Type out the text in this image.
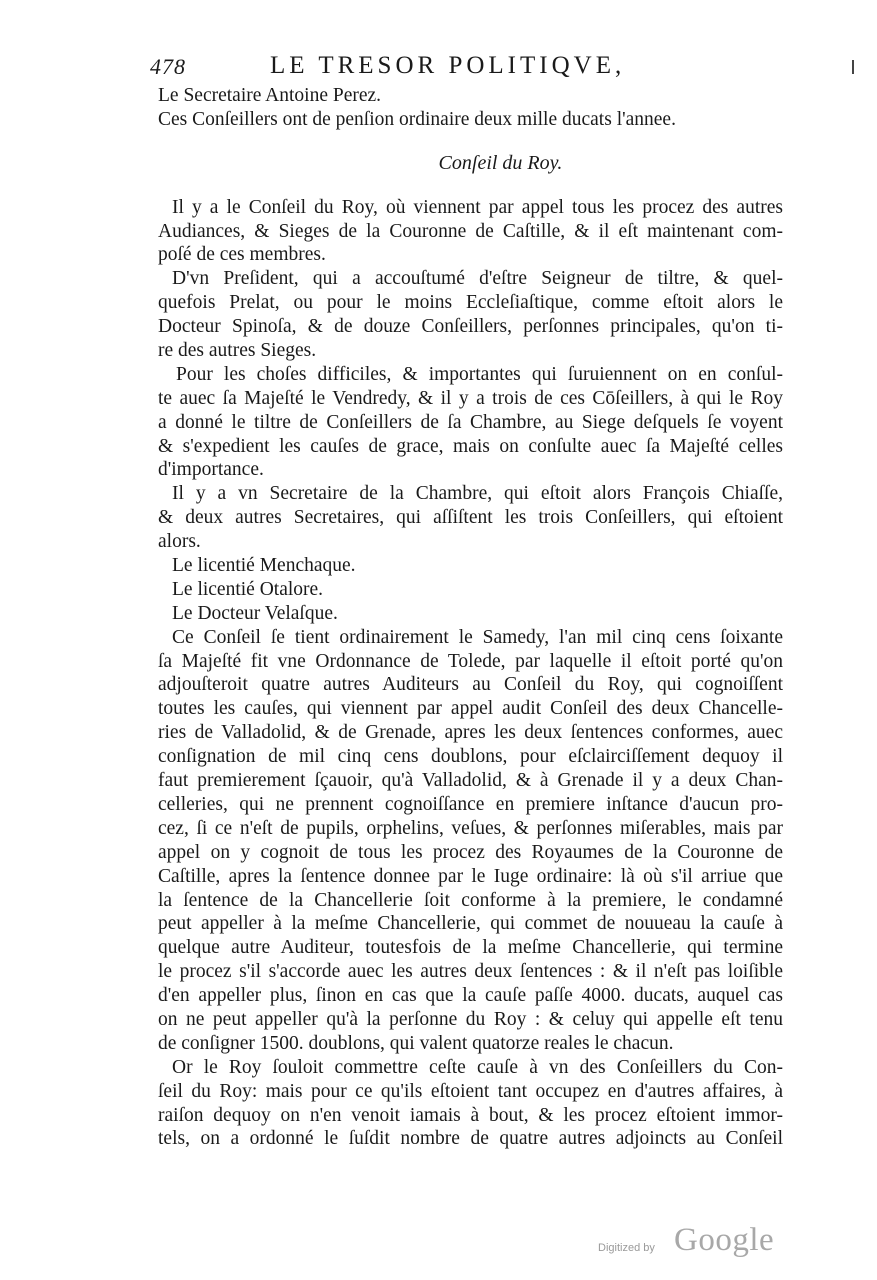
478	LE TRESOR POLITIQVE,
Le Secretaire Antoine Perez.
Ces Conſeillers ont de penſion ordinaire deux mille ducats l'annee.
Conſeil du Roy.
Il y a le Conſeil du Roy, où viennent par appel tous les procez des autres
Audiances, & Sieges de la Couronne de Caſtille, & il eſt maintenant com-
poſé de ces membres.
D'vn Preſident, qui a accouſtumé d'eſtre Seigneur de tiltre, & quel-
quefois Prelat, ou pour le moins Eccleſiaſtique, comme eſtoit alors le
Docteur Spinoſa, & de douze Conſeillers, perſonnes principales, qu'on ti-
re des autres Sieges.
Pour les choſes difficiles, & importantes qui ſuruiennent on en conſul-
te auec ſa Majeſté le Vendredy, & il y a trois de ces Cōſeillers, à qui le Roy
a donné le tiltre de Conſeillers de ſa Chambre, au Siege deſquels ſe voyent
& s'expedient les cauſes de grace, mais on conſulte auec ſa Majeſté celles
d'importance.
Il y a vn Secretaire de la Chambre, qui eſtoit alors François Chiaſſe,
& deux autres Secretaires, qui aſſiſtent les trois Conſeillers, qui eſtoient
alors.
Le licentié Menchaque.
Le licentié Otalore.
Le Docteur Velaſque.
Ce Conſeil ſe tient ordinairement le Samedy, l'an mil cinq cens ſoixante
ſa Majeſté fit vne Ordonnance de Tolede, par laquelle il eſtoit porté qu'on
adjouſteroit quatre autres Auditeurs au Conſeil du Roy, qui cognoiſſent
toutes les cauſes, qui viennent par appel audit Conſeil des deux Chancelle-
ries de Valladolid, & de Grenade, apres les deux ſentences conformes, auec
conſignation de mil cinq cens doublons, pour eſclairciſſement dequoy il
faut premierement ſçauoir, qu'à Valladolid, & à Grenade il y a deux Chan-
celleries, qui ne prennent cognoiſſance en premiere inſtance d'aucun pro-
cez, ſi ce n'eſt de pupils, orphelins, veſues, & perſonnes miſerables, mais par
appel on y cognoit de tous les procez des Royaumes de la Couronne de
Caſtille, apres la ſentence donnee par le Iuge ordinaire: là où s'il arriue que
la ſentence de la Chancellerie ſoit conforme à la premiere, le condamné
peut appeller à la meſme Chancellerie, qui commet de nouueau la cauſe à
quelque autre Auditeur, toutesfois de la meſme Chancellerie, qui termine
le procez s'il s'accorde auec les autres deux ſentences : & il n'eſt pas loiſible
d'en appeller plus, ſinon en cas que la cauſe paſſe 4000. ducats, auquel cas
on ne peut appeller qu'à la perſonne du Roy : & celuy qui appelle eſt tenu
de conſigner 1500. doublons, qui valent quatorze reales le chacun.
Or le Roy ſouloit commettre ceſte cauſe à vn des Conſeillers du Con-
ſeil du Roy: mais pour ce qu'ils eſtoient tant occupez en d'autres affaires, à
raiſon dequoy on n'en venoit iamais à bout, & les procez eſtoient immor-
tels, on a ordonné le ſuſdit nombre de quatre autres adjoincts au Conſeil
Digitized by Google
